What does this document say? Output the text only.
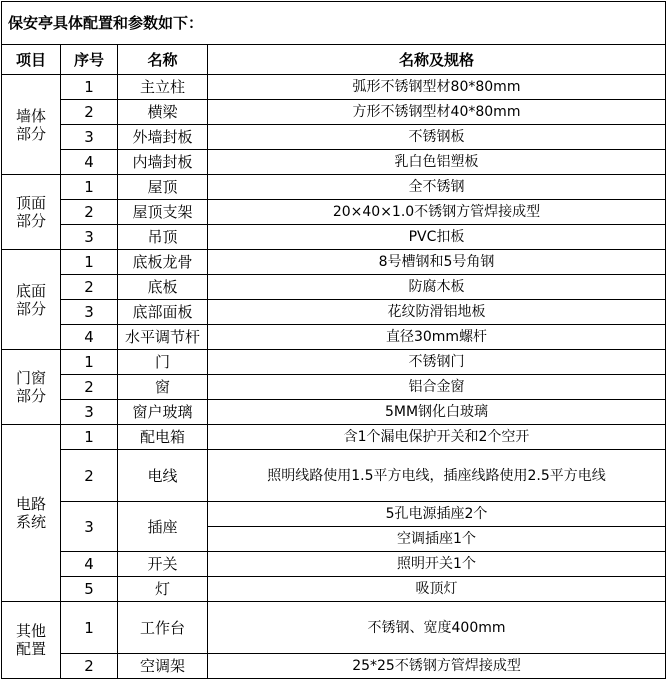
保安亭具体配置和参数如下：			
项目	序号	名称	名称及规格

墙体
部分	1	主立柱	弧形不锈钢型材80*80mm
	2	横梁	方形不锈钢型材40*80mm
	3	外墙封板	不锈钢板
	4	内墙封板	乳白色铝塑板

顶面
部分	1	屋顶	全不锈钢
	2	屋顶支架	20×40×1.0不锈钢方管焊接成型
	3	吊顶	PVC扣板

底面
部分	1	底板龙骨	8号槽钢和5号角钢
	2	底板	防腐木板
	3	底部面板	花纹防滑铝地板
	4	水平调节杆	直径30mm螺杆

门窗
部分	1	门	不锈钢门
	2	窗	铝合金窗
	3	窗户玻璃	5MM钢化白玻璃

电路
系统	1	配电箱	含1个漏电保护开关和2个空开
	2	电线	照明线路使用1.5平方电线，插座线路使用2.5平方电线
	3	插座	5孔电源插座2个
			空调插座1个
	4	开关	照明开关1个
	5	灯	吸顶灯

其他
配置	1	工作台	不锈钢、宽度400mm
	2	空调架	25*25不锈钢方管焊接成型
